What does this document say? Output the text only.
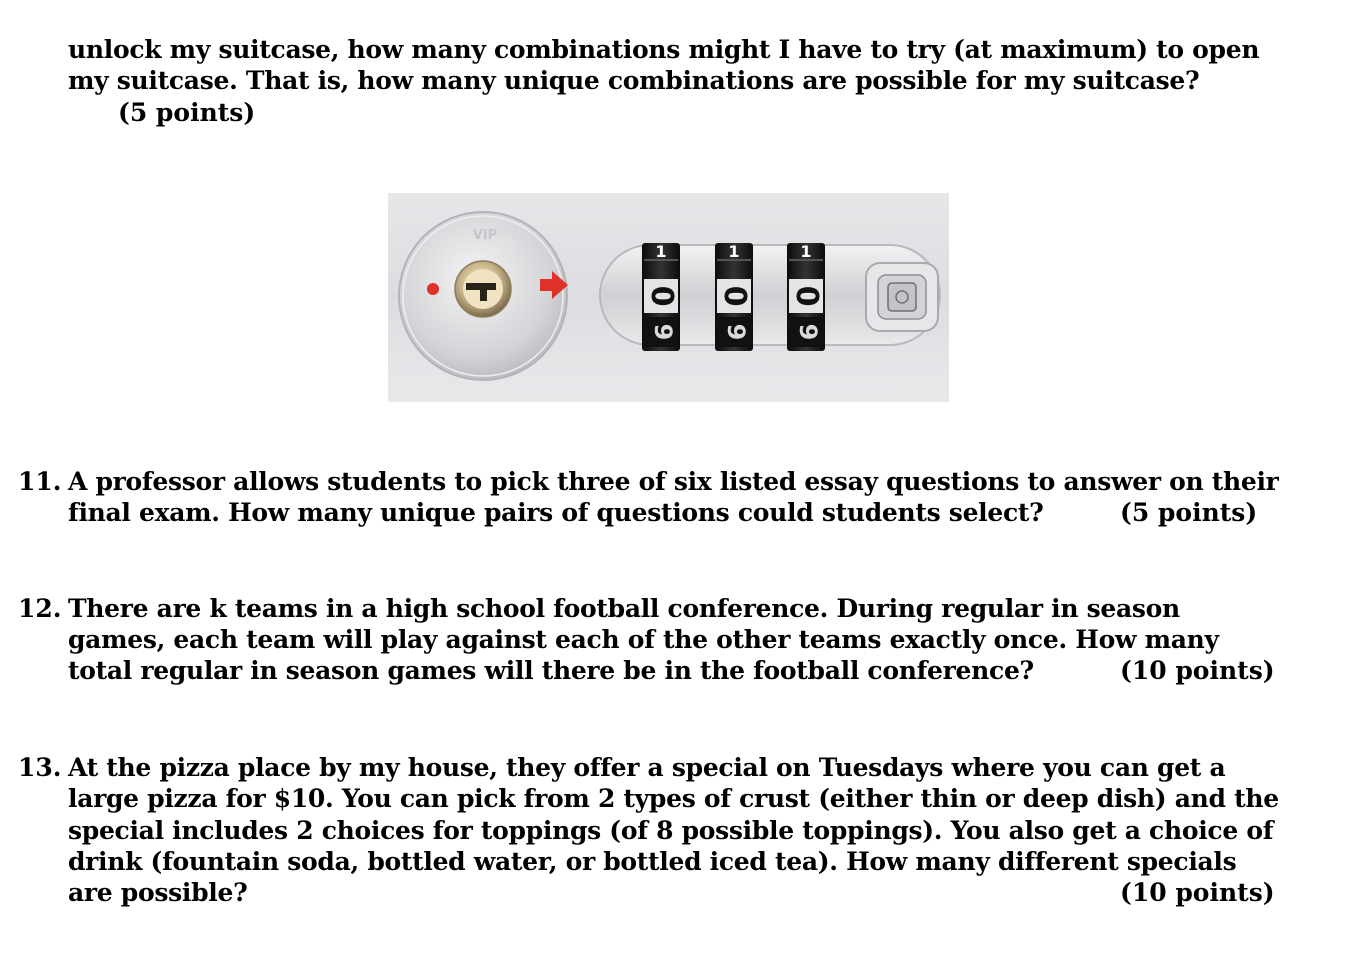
unlock my suitcase, how many combinations might I have to try (at maximum) to open
my suitcase. That is, how many unique combinations are possible for my suitcase?
(5 points)
VIP
1
0
9
1
0
9
1
0
9
11. A professor allows students to pick three of six listed essay questions to answer on their
final exam. How many unique pairs of questions could students select?	(5 points)
12. There are k teams in a high school football conference. During regular in season
games, each team will play against each of the other teams exactly once. How many
total regular in season games will there be in the football conference?	(10 points)
13. At the pizza place by my house, they offer a special on Tuesdays where you can get a
large pizza for $10. You can pick from 2 types of crust (either thin or deep dish) and the
special includes 2 choices for toppings (of 8 possible toppings). You also get a choice of
drink (fountain soda, bottled water, or bottled iced tea). How many different specials
are possible?	(10 points)
